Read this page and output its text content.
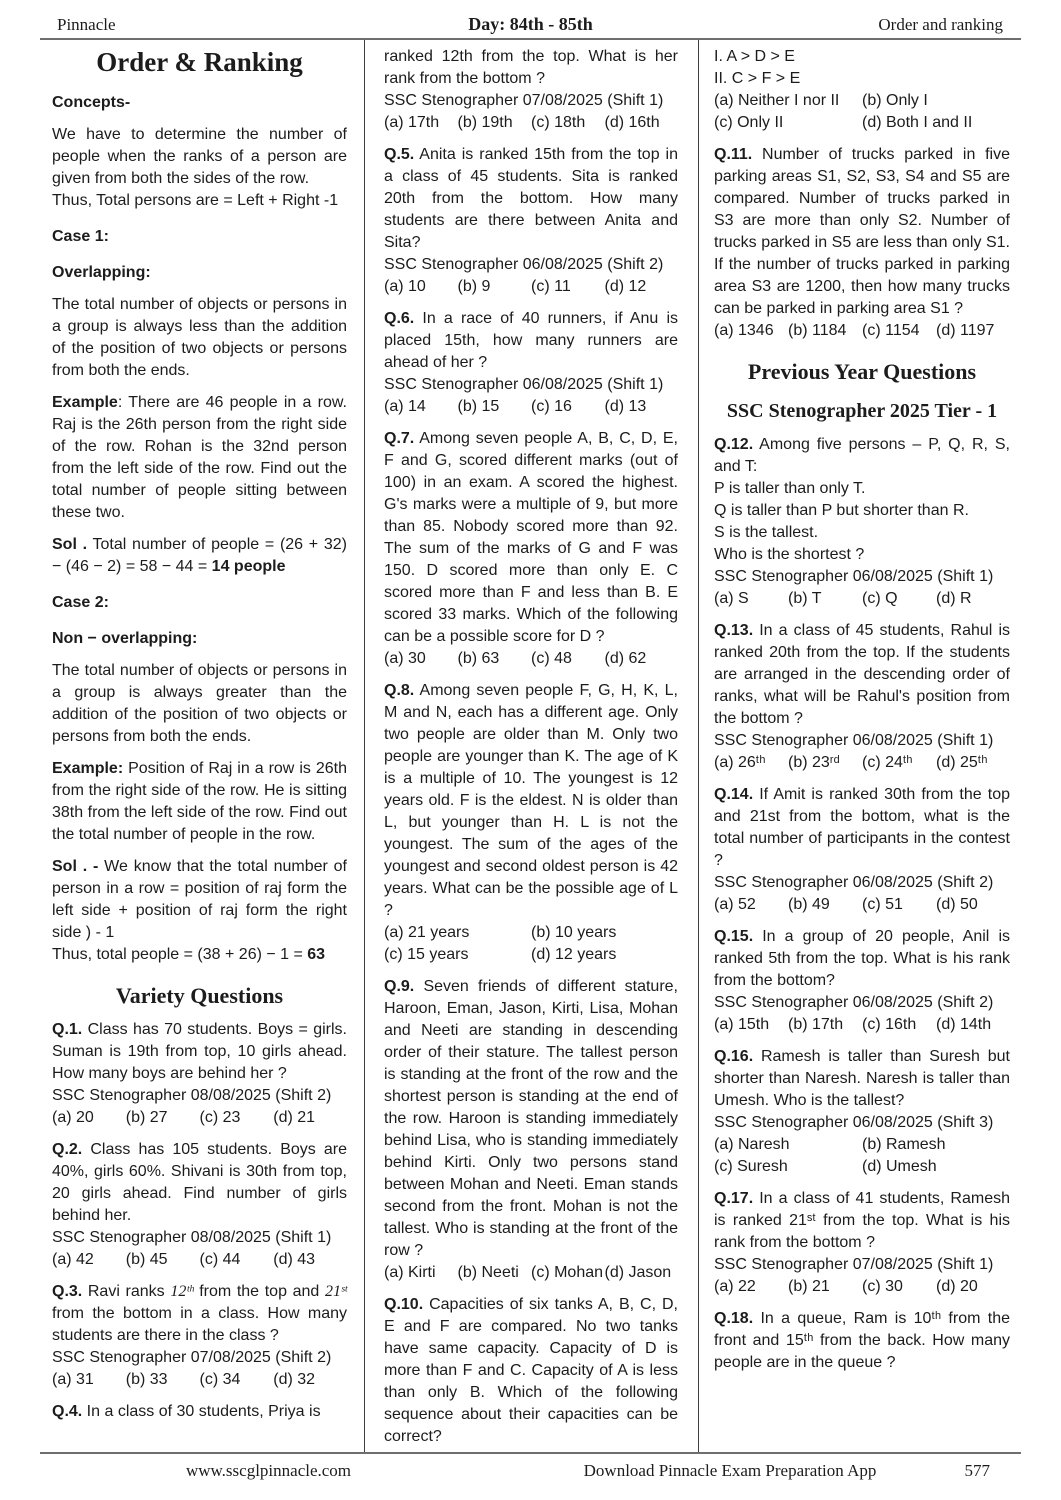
Pinnacle	Day: 84th - 85th	Order and ranking
Order & Ranking
Concepts-
We have to determine the number of people when the ranks of a person are given from both the sides of the row.
Thus, Total persons are = Left + Right -1
Case 1:
Overlapping:
The total number of objects or persons in a group is always less than the addition of the position of two objects or persons from both the ends.
Example: There are 46 people in a row. Raj is the 26th person from the right side of the row. Rohan is the 32nd person from the left side of the row. Find out the total number of people sitting between these two.
Sol . Total number of people = (26 + 32) − (46 − 2) = 58 − 44 = 14 people
Case 2:
Non − overlapping:
The total number of objects or persons in a group is always greater than the addition of the position of two objects or persons from both the ends.
Example: Position of Raj in a row is 26th from the right side of the row. He is sitting 38th from the left side of the row. Find out the total number of people in the row.
Sol . - We know that the total number of person in a row = position of raj form the left side + position of raj form the right side ) - 1
Thus, total people = (38 + 26) − 1 = 63
Variety Questions
Q.1. Class has 70 students. Boys = girls. Suman is 19th from top, 10 girls ahead. How many boys are behind her ?
SSC Stenographer 08/08/2025 (Shift 2)
(a) 20	(b) 27	(c) 23	(d) 21
Q.2. Class has 105 students. Boys are 40%, girls 60%. Shivani is 30th from top, 20 girls ahead. Find number of girls behind her.
SSC Stenographer 08/08/2025 (Shift 1)
(a) 42	(b) 45	(c) 44	(d) 43
Q.3. Ravi ranks 12ᵗʰ from the top and 21ˢᵗ from the bottom in a class. How many students are there in the class ?
SSC Stenographer 07/08/2025 (Shift 2)
(a) 31	(b) 33	(c) 34	(d) 32
Q.4. In a class of 30 students, Priya is
ranked 12th from the top. What is her rank from the bottom ?
SSC Stenographer 07/08/2025 (Shift 1)
(a) 17th	(b) 19th	(c) 18th	(d) 16th
Q.5. Anita is ranked 15th from the top in a class of 45 students. Sita is ranked 20th from the bottom. How many students are there between Anita and Sita?
SSC Stenographer 06/08/2025 (Shift 2)
(a) 10	(b) 9	(c) 11	(d) 12
Q.6. In a race of 40 runners, if Anu is placed 15th, how many runners are ahead of her ?
SSC Stenographer 06/08/2025 (Shift 1)
(a) 14	(b) 15	(c) 16	(d) 13
Q.7. Among seven people A, B, C, D, E, F and G, scored different marks (out of 100) in an exam. A scored the highest. G's marks were a multiple of 9, but more than 85. Nobody scored more than 92. The sum of the marks of G and F was 150. D scored more than only E. C scored more than F and less than B. E scored 33 marks. Which of the following can be a possible score for D ?
(a) 30	(b) 63	(c) 48	(d) 62
Q.8. Among seven people F, G, H, K, L, M and N, each has a different age. Only two people are older than M. Only two people are younger than K. The age of K is a multiple of 10. The youngest is 12 years old. F is the eldest. N is older than L, but younger than H. L is not the youngest. The sum of the ages of the youngest and second oldest person is 42 years. What can be the possible age of L ?
(a) 21 years	(b) 10 years
(c) 15 years	(d) 12 years
Q.9. Seven friends of different stature, Haroon, Eman, Jason, Kirti, Lisa, Mohan and Neeti are standing in descending order of their stature. The tallest person is standing at the front of the row and the shortest person is standing at the end of the row. Haroon is standing immediately behind Lisa, who is standing immediately behind Kirti. Only two persons stand between Mohan and Neeti. Eman stands second from the front. Mohan is not the tallest. Who is standing at the front of the row ?
(a) Kirti	(b) Neeti (c) Mohan (d) Jason
Q.10. Capacities of six tanks A, B, C, D, E and F are compared. No two tanks have same capacity. Capacity of D is more than F and C. Capacity of A is less than only B. Which of the following sequence about their capacities can be correct?
I. A > D > E
II. C > F > E
(a) Neither I nor II	(b) Only I
(c) Only II	(d) Both I and II
Q.11. Number of trucks parked in five parking areas S1, S2, S3, S4 and S5 are compared. Number of trucks parked in S3 are more than only S2. Number of trucks parked in S5 are less than only S1. If the number of trucks parked in parking area S3 are 1200, then how many trucks can be parked in parking area S1 ?
(a) 1346 (b) 1184 (c) 1154	(d) 1197
Previous Year Questions
SSC Stenographer 2025 Tier - 1
Q.12. Among five persons – P, Q, R, S, and T:
P is taller than only T.
Q is taller than P but shorter than R.
S is the tallest.
Who is the shortest ?
SSC Stenographer 06/08/2025 (Shift 1)
(a) S	(b) T	(c) Q	(d) R
Q.13. In a class of 45 students, Rahul is ranked 20th from the top. If the students are arranged in the descending order of ranks, what will be Rahul's position from the bottom ?
SSC Stenographer 06/08/2025 (Shift 1)
(a) 26ᵗʰ	(b) 23ʳᵈ	(c) 24ᵗʰ	(d) 25ᵗʰ
Q.14. If Amit is ranked 30th from the top and 21st from the bottom, what is the total number of participants in the contest ?
SSC Stenographer 06/08/2025 (Shift 2)
(a) 52	(b) 49	(c) 51	(d) 50
Q.15. In a group of 20 people, Anil is ranked 5th from the top. What is his rank from the bottom?
SSC Stenographer 06/08/2025 (Shift 2)
(a) 15th	(b) 17th	(c) 16th	(d) 14th
Q.16. Ramesh is taller than Suresh but shorter than Naresh. Naresh is taller than Umesh. Who is the tallest?
SSC Stenographer 06/08/2025 (Shift 3)
(a) Naresh	(b) Ramesh
(c) Suresh	(d) Umesh
Q.17. In a class of 41 students, Ramesh is ranked 21ˢᵗ from the top. What is his rank from the bottom ?
SSC Stenographer 07/08/2025 (Shift 1)
(a) 22	(b) 21	(c) 30	(d) 20
Q.18. In a queue, Ram is 10ᵗʰ from the front and 15ᵗʰ from the back. How many people are in the queue ?
www.sscglpinnacle.com	Download Pinnacle Exam Preparation App	577
